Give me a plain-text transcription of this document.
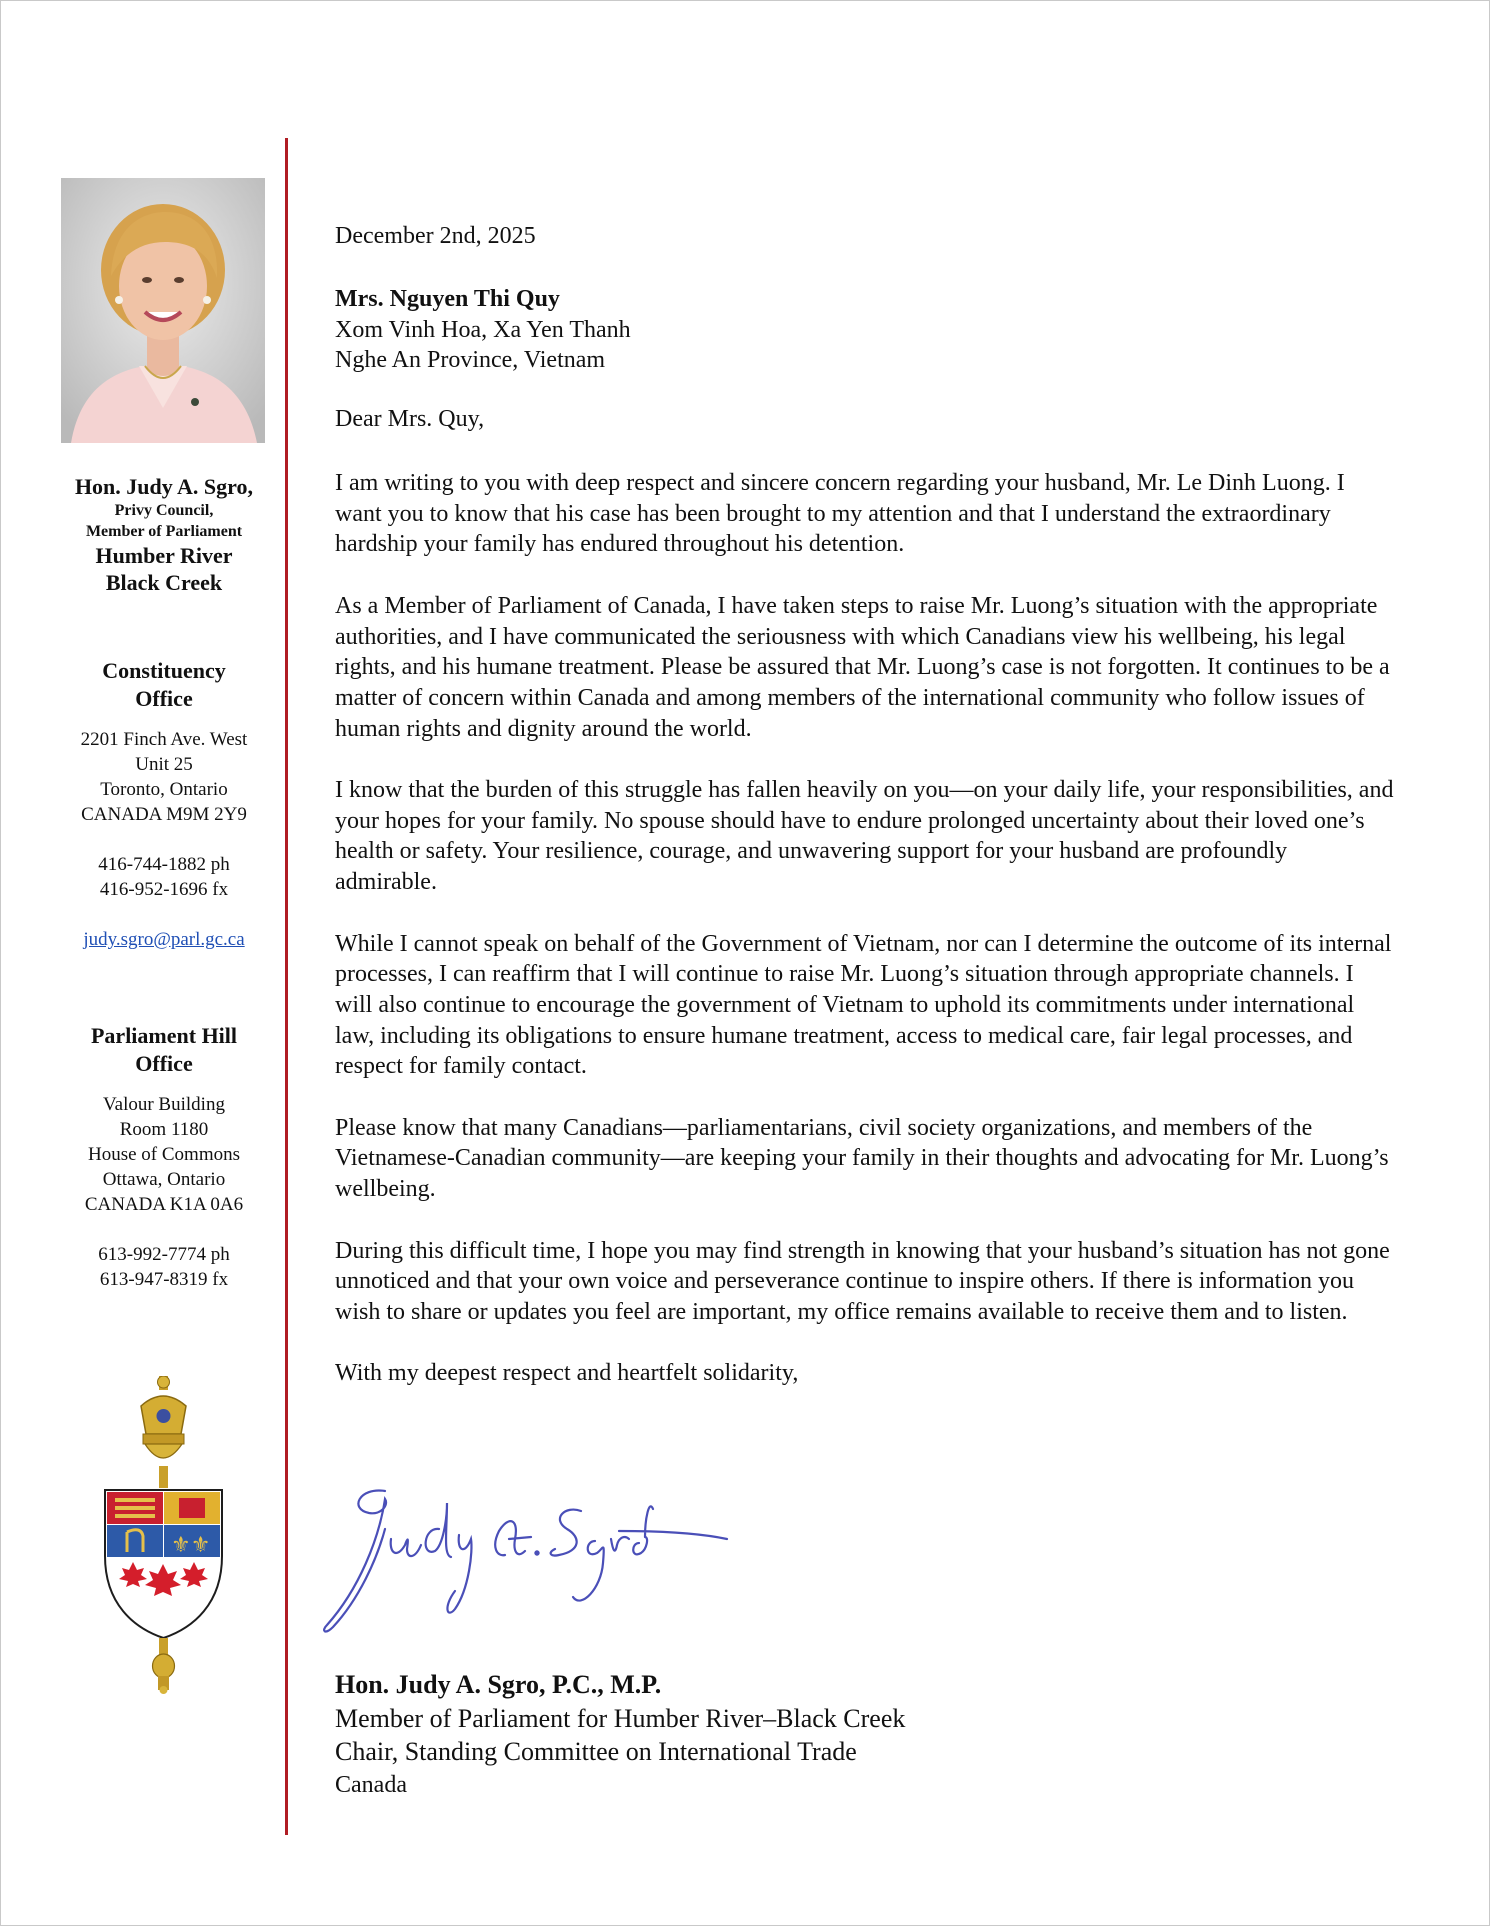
Hon. Judy A. Sgro,
Privy Council,
Member of Parliament
Humber River
Black Creek
Constituency
Office
2201 Finch Ave. West
Unit 25
Toronto, Ontario
CANADA M9M 2Y9
416-744-1882 ph
416-952-1696 fx
judy.sgro@parl.gc.ca
Parliament Hill
Office
Valour Building
Room 1180
House of Commons
Ottawa, Ontario
CANADA K1A 0A6
613-992-7774 ph
613-947-8319 fx
⚜⚜
December 2nd, 2025
Mrs. Nguyen Thi Quy
Xom Vinh Hoa, Xa Yen Thanh
Nghe An Province, Vietnam
Dear Mrs. Quy,

I am writing to you with deep respect and sincere concern regarding your husband, Mr. Le Dinh Luong. I want you to know that his case has been brought to my attention and that I understand the extraordinary hardship your family has endured throughout his detention.

As a Member of Parliament of Canada, I have taken steps to raise Mr. Luong’s situation with the appropriate authorities, and I have communicated the seriousness with which Canadians view his wellbeing, his legal rights, and his humane treatment. Please be assured that Mr. Luong’s case is not forgotten. It continues to be a matter of concern within Canada and among members of the international community who follow issues of human rights and dignity around the world.

I know that the burden of this struggle has fallen heavily on you—on your daily life, your responsibilities, and your hopes for your family. No spouse should have to endure prolonged uncertainty about their loved one’s health or safety. Your resilience, courage, and unwavering support for your husband are profoundly admirable.

While I cannot speak on behalf of the Government of Vietnam, nor can I determine the outcome of its internal processes, I can reaffirm that I will continue to raise Mr. Luong’s situation through appropriate channels. I will also continue to encourage the government of Vietnam to uphold its commitments under international law, including its obligations to ensure humane treatment, access to medical care, fair legal processes, and respect for family contact.

Please know that many Canadians—parliamentarians, civil society organizations, and members of the Vietnamese-Canadian community—are keeping your family in their thoughts and advocating for Mr. Luong’s wellbeing.

During this difficult time, I hope you may find strength in knowing that your husband’s situation has not gone unnoticed and that your own voice and perseverance continue to inspire others. If there is information you wish to share or updates you feel are important, my office remains available to receive them and to listen.

With my deepest respect and heartfelt solidarity,

Hon. Judy A. Sgro, P.C., M.P.
Member of Parliament for Humber River–Black Creek
Chair, Standing Committee on International Trade
Canada
